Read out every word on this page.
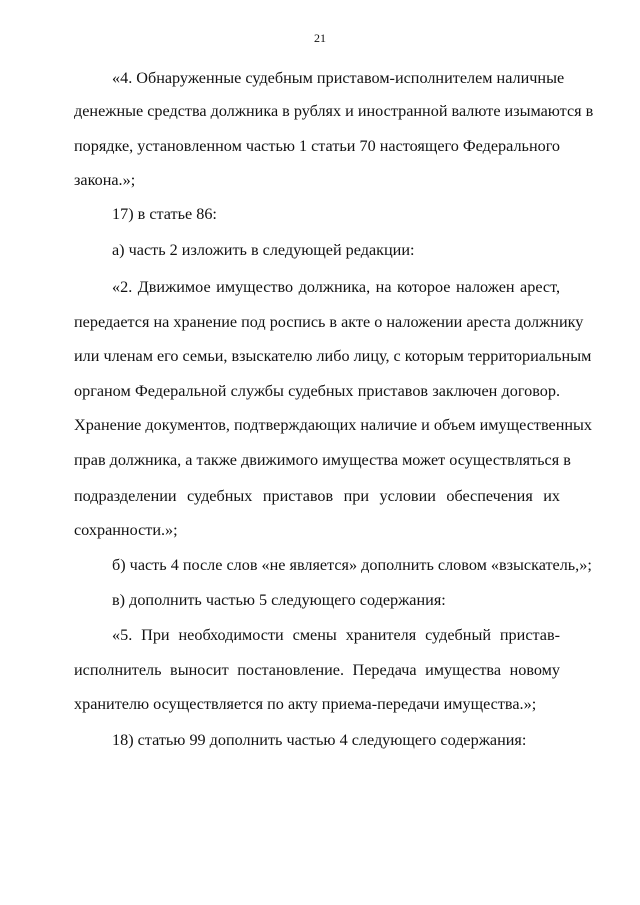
21
«4. Обнаруженные судебным приставом-исполнителем наличные
денежные средства должника в рублях и иностранной валюте изымаются в
порядке, установленном частью 1 статьи 70 настоящего Федерального
закона.»;
17) в статье 86:
а) часть 2 изложить в следующей редакции:
«2. Движимое имущество должника, на которое наложен арест,
передается на хранение под роспись в акте о наложении ареста должнику
или членам его семьи, взыскателю либо лицу, с которым территориальным
органом Федеральной службы судебных приставов заключен договор.
Хранение документов, подтверждающих наличие и объем имущественных
прав должника, а также движимого имущества может осуществляться в
подразделении судебных приставов при условии обеспечения их
сохранности.»;
б) часть 4 после слов «не является» дополнить словом «взыскатель,»;
в) дополнить частью 5 следующего содержания:
«5. При необходимости смены хранителя судебный пристав-
исполнитель выносит постановление. Передача имущества новому
хранителю осуществляется по акту приема-передачи имущества.»;
18) статью 99 дополнить частью 4 следующего содержания:
